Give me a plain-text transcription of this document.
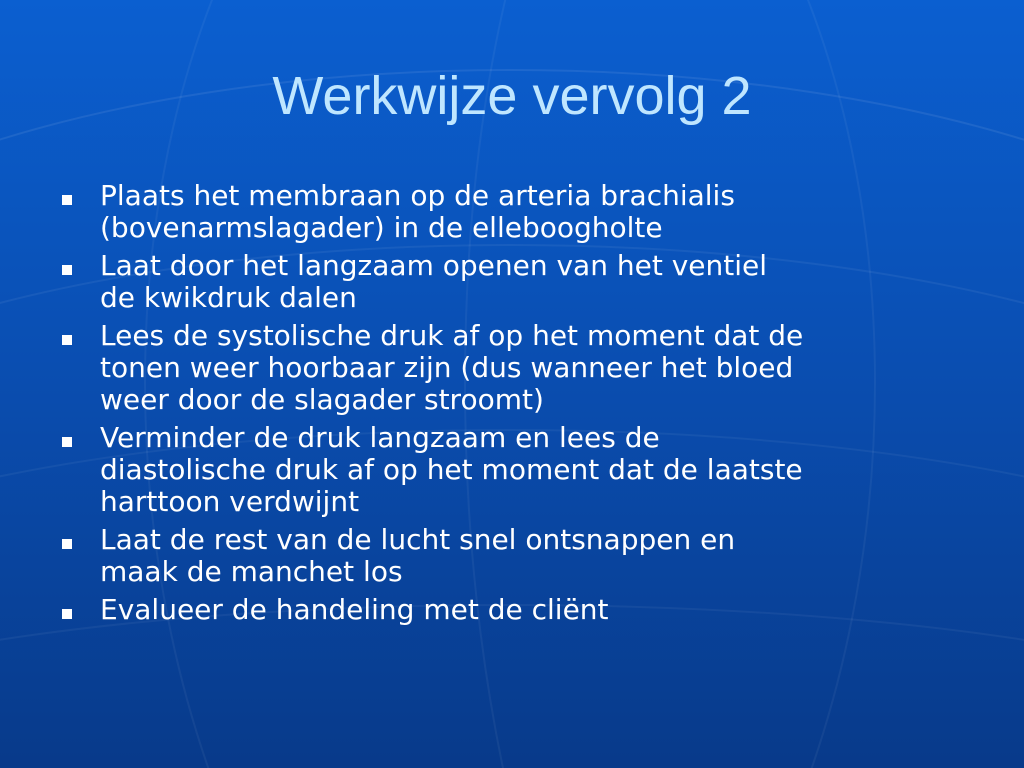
Werkwijze vervolg 2
Plaats het membraan op de arteria brachialis
(bovenarmslagader) in de elleboogholte
Laat door het langzaam openen van het ventiel
de kwikdruk dalen
Lees de systolische druk af op het moment dat de
tonen weer hoorbaar zijn (dus wanneer het bloed
weer door de slagader stroomt)
Verminder de druk langzaam en lees de
diastolische druk af op het moment dat de laatste
harttoon verdwijnt
Laat de rest van de lucht snel ontsnappen en
maak de manchet los
Evalueer de handeling met de cliënt
